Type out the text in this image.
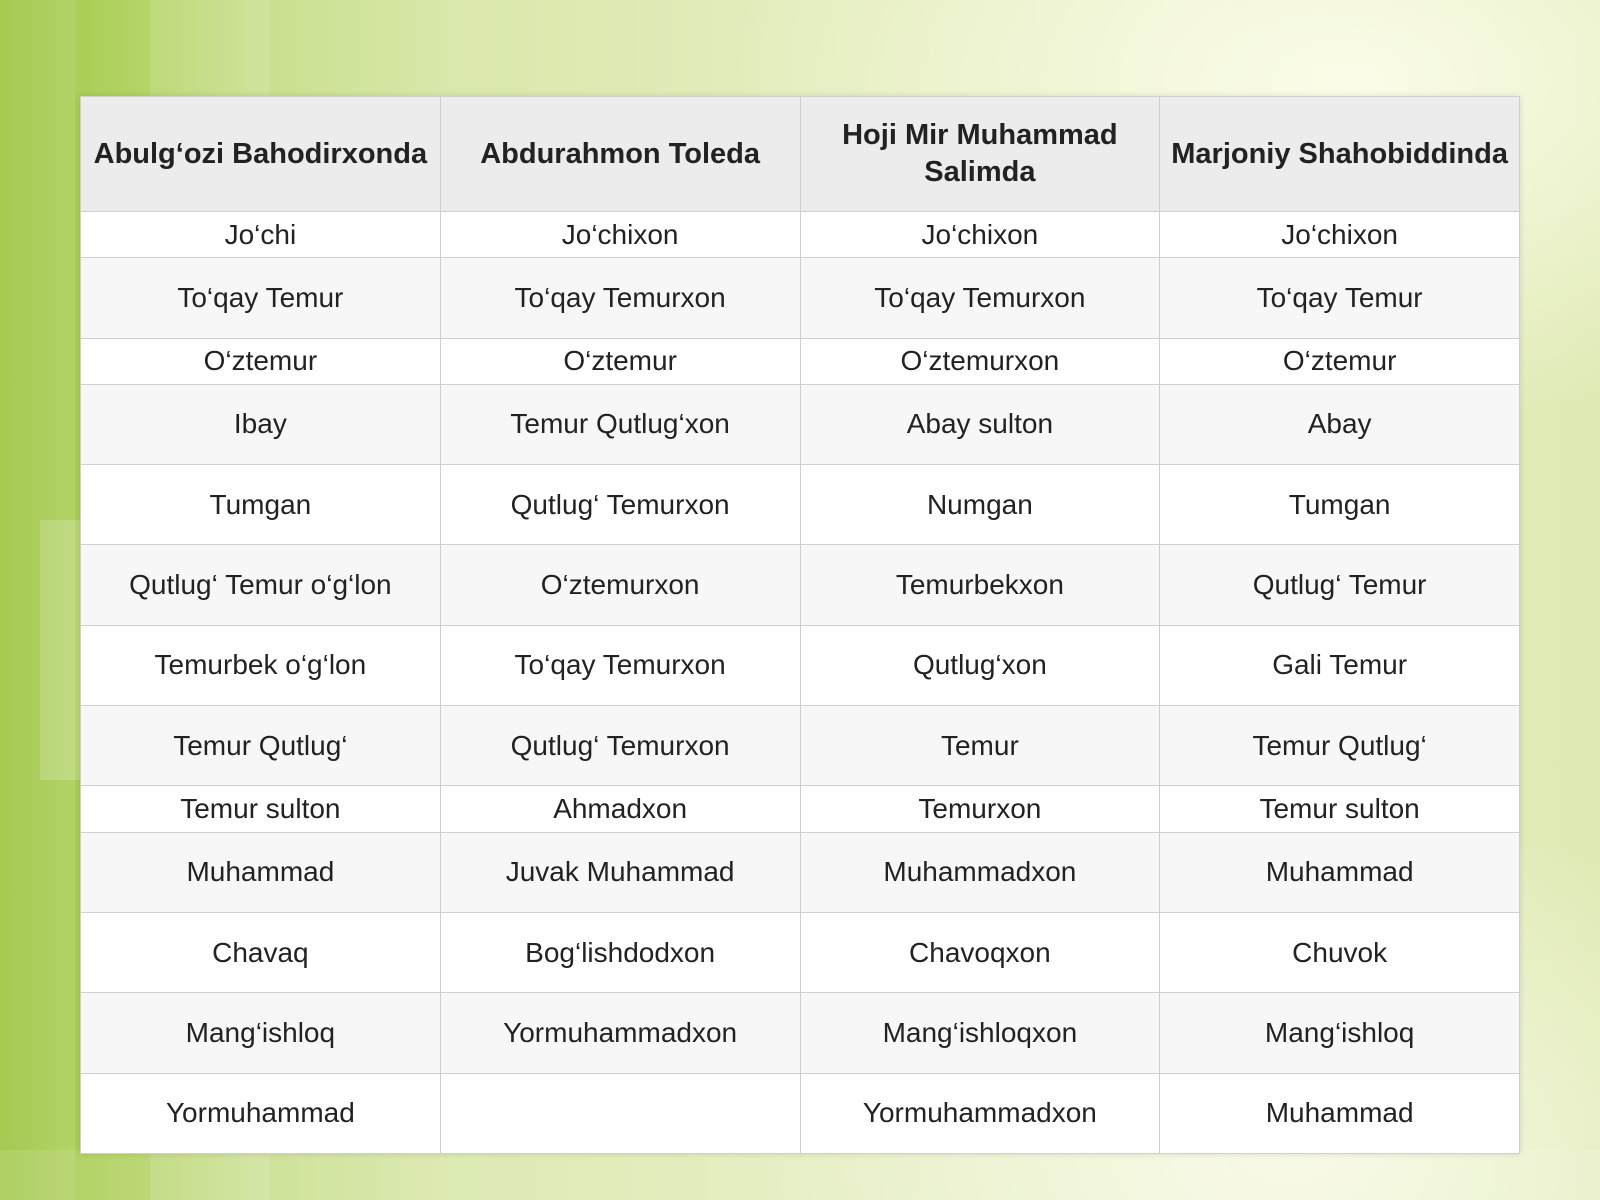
Abulg‘ozi Bahodirxonda	Abdurahmon Toleda	Hoji Mir Muhammad Salimda	Marjoniy Shahobiddinda
Jo‘chi	Jo‘chixon	Jo‘chixon	Jo‘chixon
To‘qay Temur	To‘qay Temurxon	To‘qay Temurxon	To‘qay Temur
O‘ztemur	O‘ztemur	O‘ztemurxon	O‘ztemur
Ibay	Temur Qutlug‘xon	Abay sulton	Abay
Tumgan	Qutlug‘ Temurxon	Numgan	Tumgan
Qutlug‘ Temur o‘g‘lon	O‘ztemurxon	Temurbekxon	Qutlug‘ Temur
Temurbek o‘g‘lon	To‘qay Temurxon	Qutlug‘xon	Gali Temur
Temur Qutlug‘	Qutlug‘ Temurxon	Temur	Temur Qutlug‘
Temur sulton	Ahmadxon	Temurxon	Temur sulton
Muhammad	Juvak Muhammad	Muhammadxon	Muhammad
Chavaq	Bog‘lishdodxon	Chavoqxon	Chuvok
Mang‘ishloq	Yormuhammadxon	Mang‘ishloqxon	Mang‘ishloq
Yormuhammad		Yormuhammadxon	Muhammad
